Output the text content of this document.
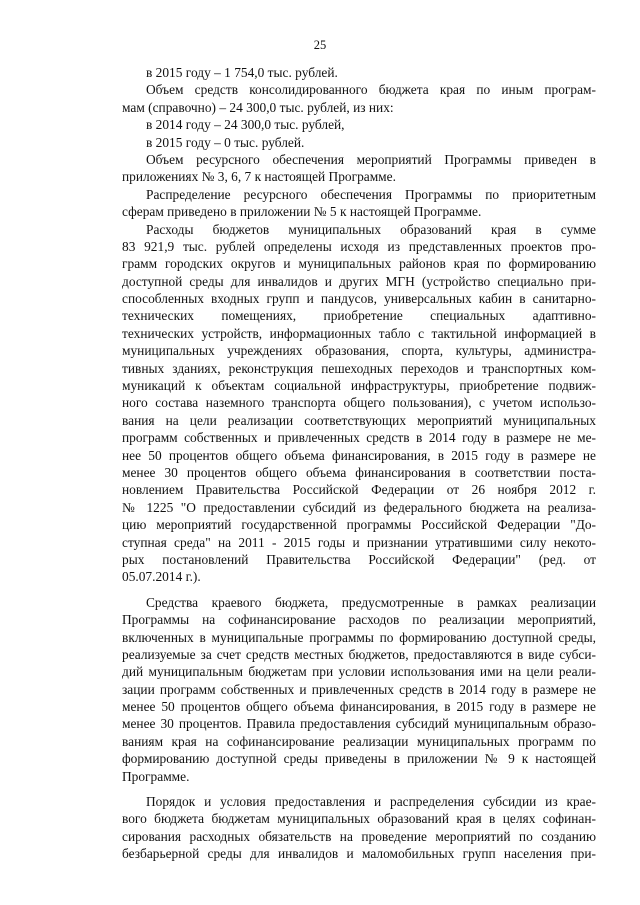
25
в 2015 году – 1 754,0 тыс. рублей.
Объем средств консолидированного бюджета края по иным програм-
мам (справочно) – 24 300,0 тыс. рублей, из них:
в 2014 году – 24 300,0 тыс. рублей,
в 2015 году – 0 тыс. рублей.
Объем ресурсного обеспечения мероприятий Программы приведен в
приложениях № 3, 6, 7 к настоящей Программе.
Распределение ресурсного обеспечения Программы по приоритетным
сферам приведено в приложении № 5 к настоящей Программе.
Расходы бюджетов муниципальных образований края в сумме
83 921,9 тыс. рублей определены исходя из представленных проектов про-
грамм городских округов и муниципальных районов края по формированию
доступной среды для инвалидов и других МГН (устройство специально при-
способленных входных групп и пандусов, универсальных кабин в санитарно-
технических помещениях, приобретение специальных адаптивно-
технических устройств, информационных табло с тактильной информацией в
муниципальных учреждениях образования, спорта, культуры, администра-
тивных зданиях, реконструкция пешеходных переходов и транспортных ком-
муникаций к объектам социальной инфраструктуры, приобретение подвиж-
ного состава наземного транспорта общего пользования), с учетом использо-
вания на цели реализации соответствующих мероприятий муниципальных
программ собственных и привлеченных средств в 2014 году в размере не ме-
нее 50 процентов общего объема финансирования, в 2015 году в размере не
менее 30 процентов общего объема финансирования в соответствии поста-
новлением Правительства Российской Федерации от 26 ноября 2012 г.
№ 1225 "О предоставлении субсидий из федерального бюджета на реализа-
цию мероприятий государственной программы Российской Федерации "До-
ступная среда" на 2011 - 2015 годы и признании утратившими силу некото-
рых постановлений Правительства Российской Федерации" (ред. от
05.07.2014 г.).
Средства краевого бюджета, предусмотренные в рамках реализации
Программы на софинансирование расходов по реализации мероприятий,
включенных в муниципальные программы по формированию доступной среды,
реализуемые за счет средств местных бюджетов, предоставляются в виде субси-
дий муниципальным бюджетам при условии использования ими на цели реали-
зации программ собственных и привлеченных средств в 2014 году в размере не
менее 50 процентов общего объема финансирования, в 2015 году в размере не
менее 30 процентов. Правила предоставления субсидий муниципальным образо-
ваниям края на софинансирование реализации муниципальных программ по
формированию доступной среды приведены в приложении № 9 к настоящей
Программе.
Порядок и условия предоставления и распределения субсидии из крае-
вого бюджета бюджетам муниципальных образований края в целях софинан-
сирования расходных обязательств на проведение мероприятий по созданию
безбарьерной среды для инвалидов и маломобильных групп населения при-
